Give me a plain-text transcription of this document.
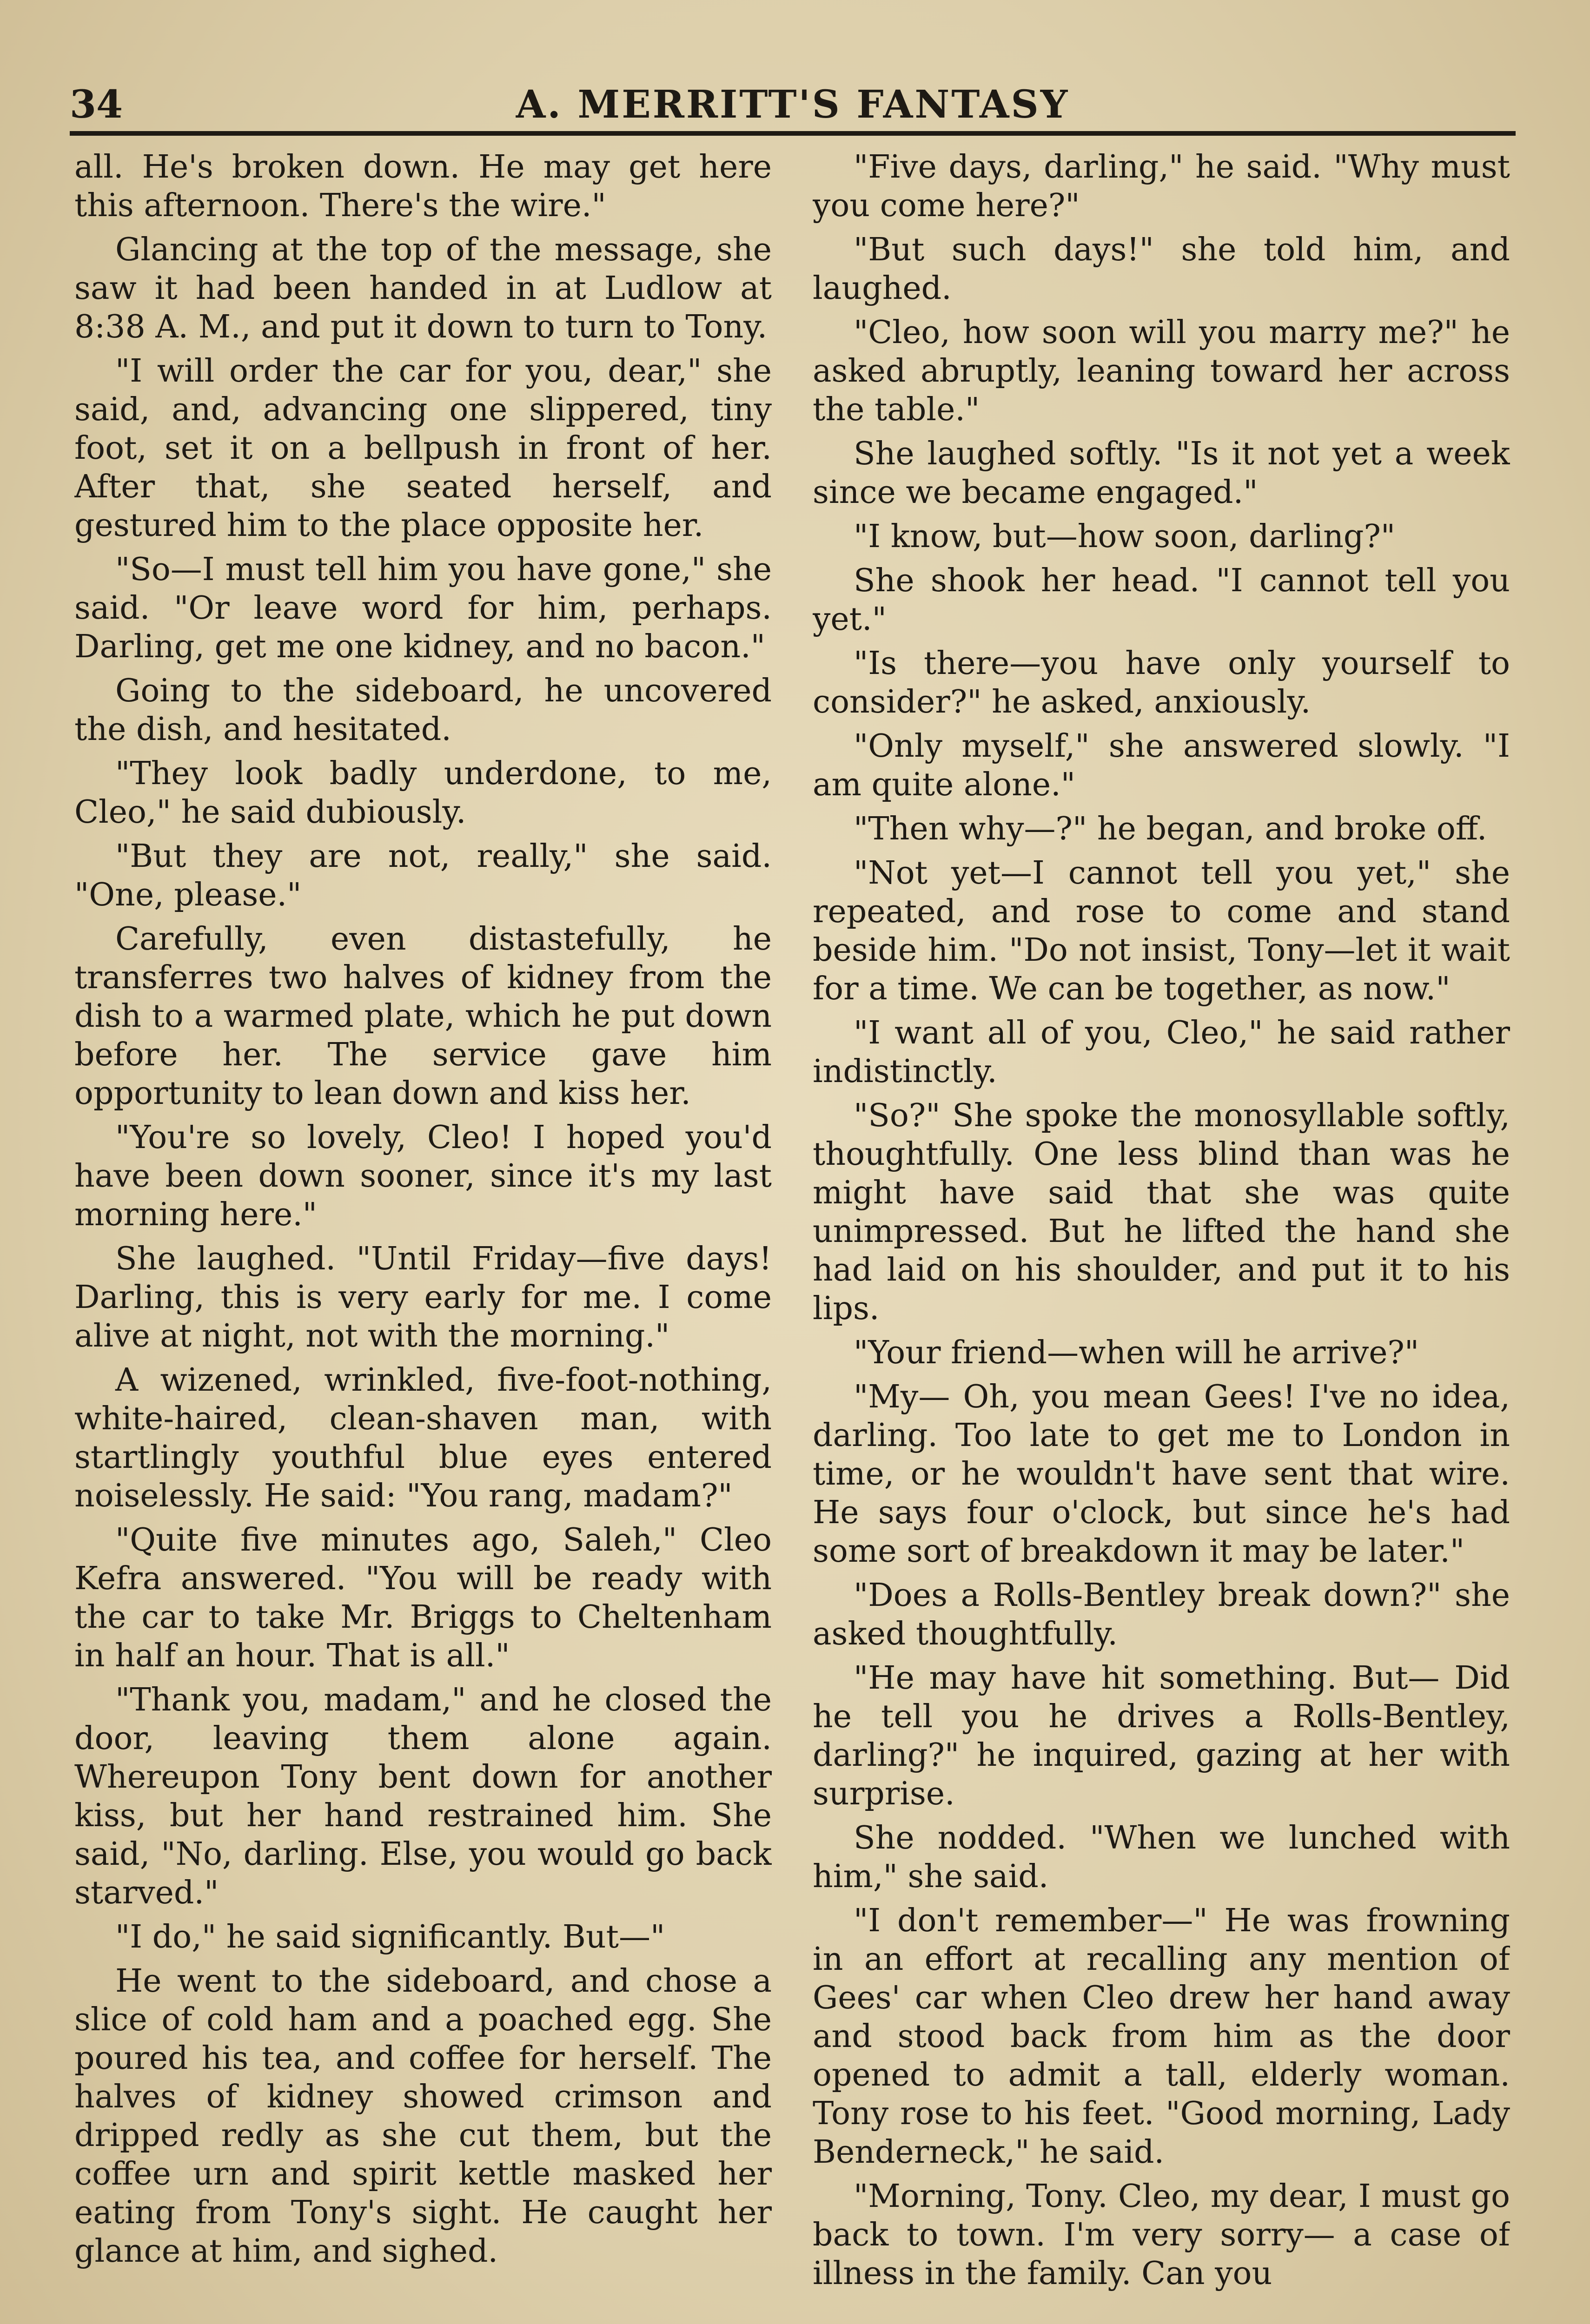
34	A. MERRITT'S FANTASY

all. He's broken down. He may get here this afternoon. There's the wire."

Glancing at the top of the message, she saw it had been handed in at Ludlow at 8:38 A. M., and put it down to turn to Tony.

"I will order the car for you, dear," she said, and, advancing one slippered, tiny foot, set it on a bellpush in front of her. After that, she seated herself, and gestured him to the place opposite her.

"So—I must tell him you have gone," she said. "Or leave word for him, perhaps. Darling, get me one kidney, and no bacon."

Going to the sideboard, he uncovered the dish, and hesitated.

"They look badly underdone, to me, Cleo," he said dubiously.

"But they are not, really," she said. "One, please."

Carefully, even distastefully, he transferres two halves of kidney from the dish to a warmed plate, which he put down before her. The service gave him opportunity to lean down and kiss her.

"You're so lovely, Cleo! I hoped you'd have been down sooner, since it's my last morning here."

She laughed. "Until Friday—five days! Darling, this is very early for me. I come alive at night, not with the morning."

A wizened, wrinkled, five-foot-nothing, white-haired, clean-shaven man, with startlingly youthful blue eyes entered noiselessly. He said: "You rang, madam?"

"Quite five minutes ago, Saleh," Cleo Kefra answered. "You will be ready with the car to take Mr. Briggs to Cheltenham in half an hour. That is all."

"Thank you, madam," and he closed the door, leaving them alone again. Whereupon Tony bent down for another kiss, but her hand restrained him. She said, "No, darling. Else, you would go back starved."

"I do," he said significantly. But—"

He went to the sideboard, and chose a slice of cold ham and a poached egg. She poured his tea, and coffee for herself. The halves of kidney showed crimson and dripped redly as she cut them, but the coffee urn and spirit kettle masked her eating from Tony's sight. He caught her glance at him, and sighed.

"Five days, darling," he said. "Why must you come here?"

"But such days!" she told him, and laughed.

"Cleo, how soon will you marry me?" he asked abruptly, leaning toward her across the table."

She laughed softly. "Is it not yet a week since we became engaged."

"I know, but—how soon, darling?"

She shook her head. "I cannot tell you yet."

"Is there—you have only yourself to consider?" he asked, anxiously.

"Only myself," she answered slowly. "I am quite alone."

"Then why—?" he began, and broke off.

"Not yet—I cannot tell you yet," she repeated, and rose to come and stand beside him. "Do not insist, Tony—let it wait for a time. We can be together, as now."

"I want all of you, Cleo," he said rather indistinctly.

"So?" She spoke the monosyllable softly, thoughtfully. One less blind than was he might have said that she was quite unimpressed. But he lifted the hand she had laid on his shoulder, and put it to his lips.

"Your friend—when will he arrive?"

"My— Oh, you mean Gees! I've no idea, darling. Too late to get me to London in time, or he wouldn't have sent that wire. He says four o'clock, but since he's had some sort of breakdown it may be later."

"Does a Rolls-Bentley break down?" she asked thoughtfully.

"He may have hit something. But— Did he tell you he drives a Rolls-Bentley, darling?" he inquired, gazing at her with surprise.

She nodded. "When we lunched with him," she said.

"I don't remember—" He was frowning in an effort at recalling any mention of Gees' car when Cleo drew her hand away and stood back from him as the door opened to admit a tall, elderly woman. Tony rose to his feet. "Good morning, Lady Benderneck," he said.

"Morning, Tony. Cleo, my dear, I must go back to town. I'm very sorry— a case of illness in the family. Can you
